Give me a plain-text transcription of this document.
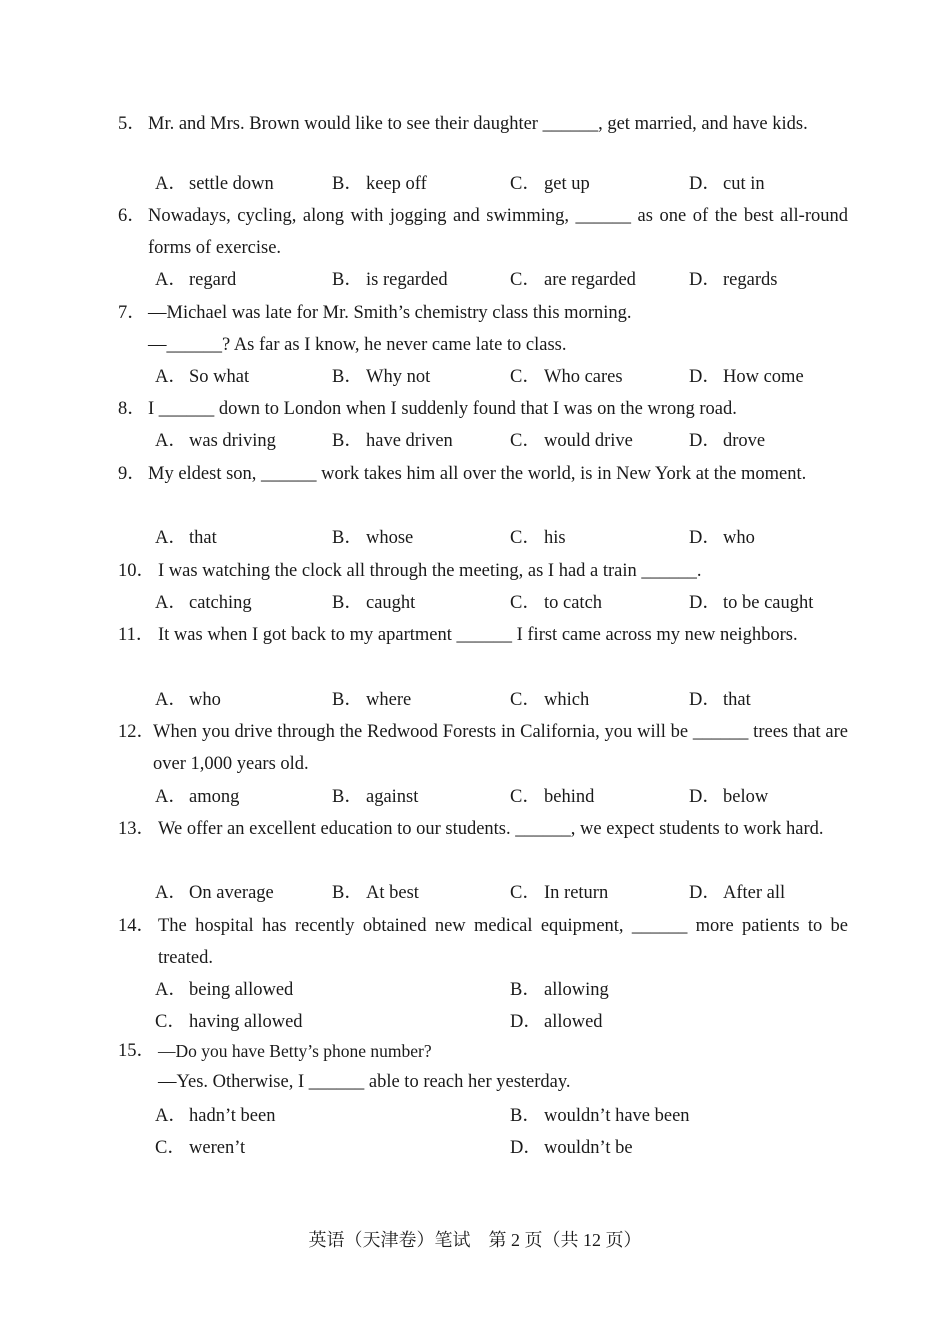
5． Mr. and Mrs. Brown would like to see their daughter ______, get married, and have kids.
A． settle down	B． keep off	C． get up	D． cut in
6． Nowadays, cycling, along with jogging and swimming, ______ as one of the best all-round forms of exercise.
A． regard	B． is regarded	C． are regarded	D． regards
7． —Michael was late for Mr. Smith’s chemistry class this morning.
—______? As far as I know, he never came late to class.
A． So what	B． Why not	C． Who cares	D． How come
8． I ______ down to London when I suddenly found that I was on the wrong road.
A． was driving	B． have driven	C． would drive	D． drove
9． My eldest son, ______ work takes him all over the world, is in New York at the moment.
A． that	B． whose	C． his	D． who
10． I was watching the clock all through the meeting, as I had a train ______.
A． catching	B． caught	C． to catch	D． to be caught
11． It was when I got back to my apartment ______ I first came across my new neighbors.
A． who	B． where	C． which	D． that
12．
When you drive through the Redwood Forests in California, you will be ______ trees that are over 1,000 years old.
A． among	B． against	C． behind	D． below
13． We offer an excellent education to our students. ______, we expect students to work hard.
A． On average	B． At best	C． In return	D． After all
14． The hospital has recently obtained new medical equipment, ______ more patients to be treated.
A． being allowed	B． allowing
C． having allowed	D． allowed
15． —Do you have Betty’s phone number?
—Yes. Otherwise, I ______ able to reach her yesterday.
A． hadn’t been	B． wouldn’t have been
C． weren’t	D． wouldn’t be
英语（天津卷）笔试　第 2 页（共 12 页）
